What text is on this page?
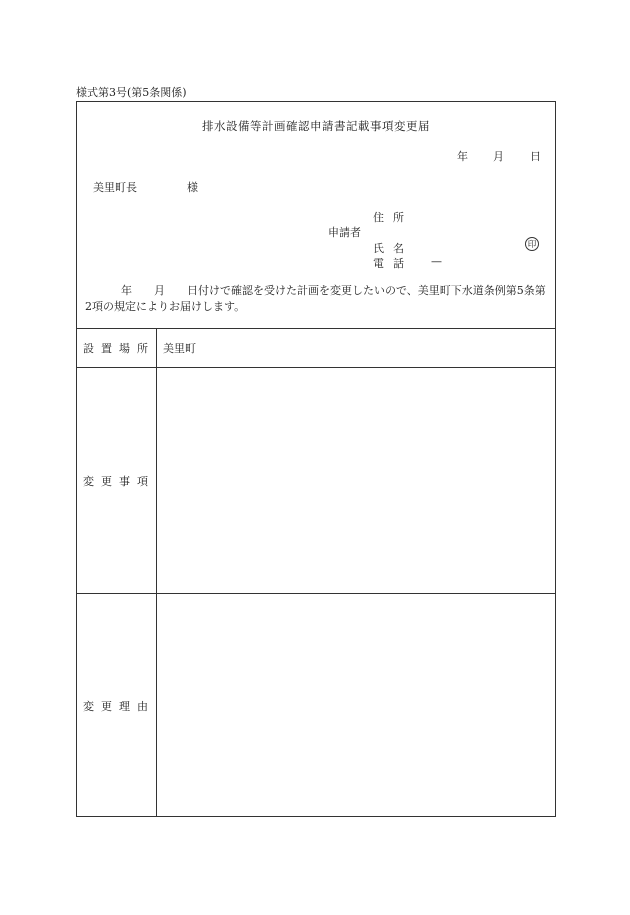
様式第3号(第5条関係)
排水設備等計画確認申請書記載事項変更届
年 月 日
美里町長	様
申請者
住所
氏名	印
電話 —
年 月 日付けで確認を受けた計画を変更したいので、美里町下水道条例第5条第2項の規定によりお届けします。
設置場所 美里町
変更事項
変更理由
